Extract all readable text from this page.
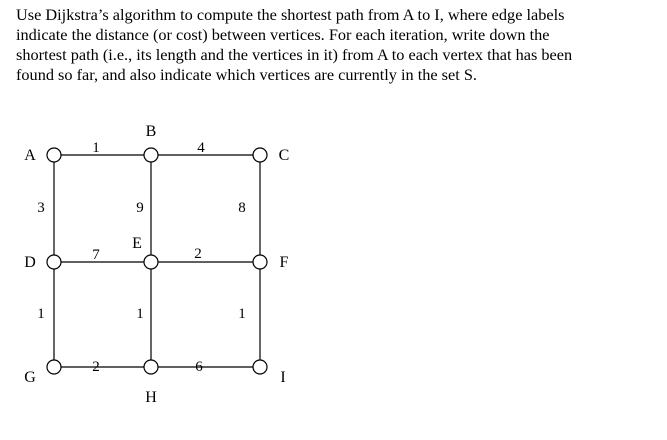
Use Dijkstra’s algorithm to compute the shortest path from A to I, where edge labels
indicate the distance (or cost) between vertices. For each iteration, write down the
shortest path (i.e., its length and the vertices in it) from A to each vertex that has been
found so far, and also indicate which vertices are currently in the set S.

1	4
3	9	8
7	2
1	1	1
2	6
A
B
C
D
E
F
G
H
I
